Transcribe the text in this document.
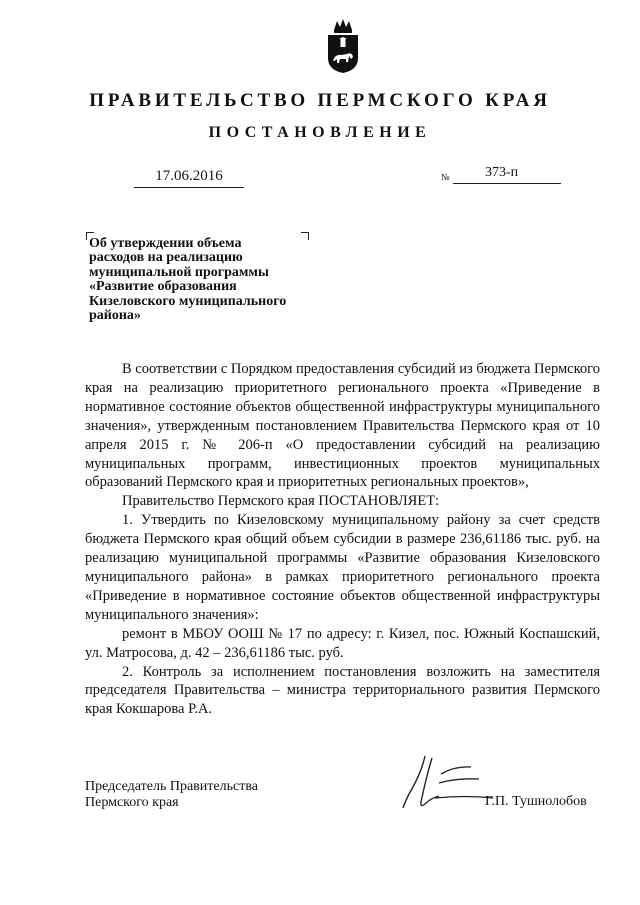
ПРАВИТЕЛЬСТВО ПЕРМСКОГО КРАЯ
ПОСТАНОВЛЕНИЕ
17.06.2016	№	373-п
Об утверждении объема
расходов на реализацию
муниципальной программы
«Развитие образования
Кизеловского муниципального
района»

В соответствии с Порядком предоставления субсидий из бюджета Пермского края на реализацию приоритетного регионального проекта «Приведение в нормативное состояние объектов общественной инфраструктуры муниципального значения», утвержденным постановлением Правительства Пермского края от 10 апреля 2015 г. № 206-п «О предоставлении субсидий на реализацию муниципальных программ, инвестиционных проектов муниципальных образований Пермского края и приоритетных региональных проектов»,

Правительство Пермского края ПОСТАНОВЛЯЕТ:

1. Утвердить по Кизеловскому муниципальному району за счет средств бюджета Пермского края общий объем субсидии в размере 236,61186 тыс. руб. на реализацию муниципальной программы «Развитие образования Кизеловского муниципального района» в рамках приоритетного регионального проекта «Приведение в нормативное состояние объектов общественной инфраструктуры муниципального значения»:

ремонт в МБОУ ООШ № 17 по адресу: г. Кизел, пос. Южный Коспашский, ул. Матросова, д. 42 – 236,61186 тыс. руб.

2. Контроль за исполнением постановления возложить на заместителя председателя Правительства – министра территориального развития Пермского края Кокшарова Р.А.

Председатель Правительства
Пермского края	Г.П. Тушнолобов
